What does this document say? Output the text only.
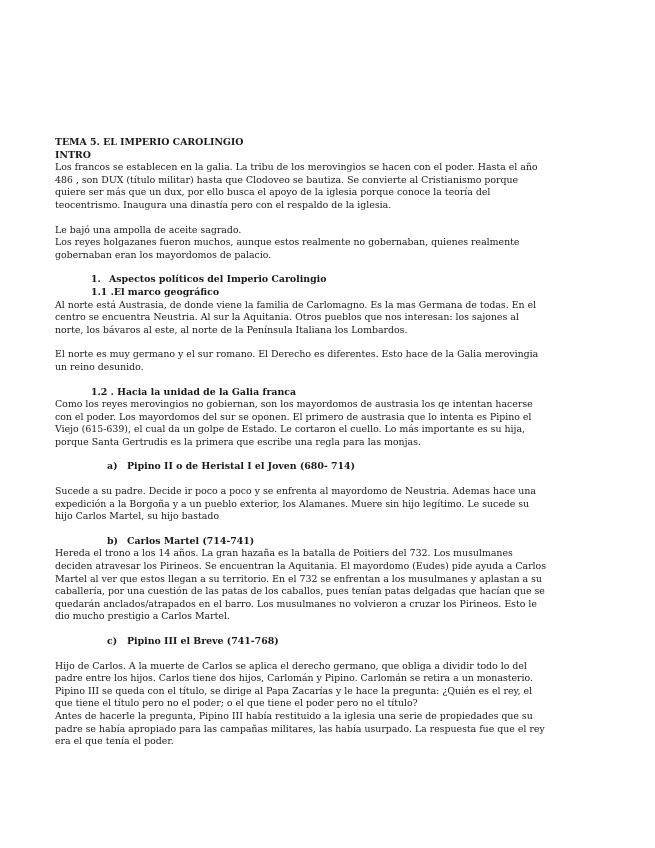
TEMA 5. EL IMPERIO CAROLINGIO

INTRO

Los francos se establecen en la galia. La tribu de los merovingios se hacen con el poder. Hasta el año 486 , son DUX (título militar) hasta que Clodoveo se bautiza. Se convierte al Cristianismo porque quiere ser más que un dux, por ello busca el apoyo de la iglesia porque conoce la teoría del teocentrismo. Inaugura una dinastía pero con el respaldo de la iglesia.

Le bajó una ampolla de aceite sagrado.

Los reyes holgazanes fueron muchos, aunque estos realmente no gobernaban, quienes realmente gobernaban eran los mayordomos de palacio.

1. Aspectos políticos del Imperio Carolingio

1.1 .El marco geográfico

Al norte está Austrasia, de donde viene la familia de Carlomagno. Es la mas Germana de todas. En el centro se encuentra Neustria. Al sur la Aquitania. Otros pueblos que nos interesan: los sajones al norte, los bávaros al este, al norte de la Península Italiana los Lombardos.

El norte es muy germano y el sur romano. El Derecho es diferentes. Esto hace de la Galia merovingia un reino desunido.

1.2 . Hacia la unidad de la Galia franca

Como los reyes merovingios no gobiernan, son los mayordomos de austrasia los qe intentan hacerse con el poder. Los mayordomos del sur se oponen. El primero de austrasia que lo intenta es Pipino el Viejo (615-639), el cual da un golpe de Estado. Le cortaron el cuello. Lo más importante es su hija, porque Santa Gertrudis es la primera que escribe una regla para las monjas.

a) Pipino II o de Heristal I el Joven (680- 714)

Sucede a su padre. Decide ir poco a poco y se enfrenta al mayordomo de Neustria. Ademas hace una expedición a la Borgoña y a un pueblo exterior, los Alamanes. Muere sin hijo legítimo. Le sucede su hijo Carlos Martel, su hijo bastado

b) Carlos Martel (714-741)

Hereda el trono a los 14 años. La gran hazaña es la batalla de Poitiers del 732. Los musulmanes deciden atravesar los Pirineos. Se encuentran la Aquitania. El mayordomo (Eudes) pide ayuda a Carlos Martel al ver que estos llegan a su territorio. En el 732 se enfrentan a los musulmanes y aplastan a su caballería, por una cuestión de las patas de los caballos, pues tenían patas delgadas que hacían que se quedarán anclados/atrapados en el barro. Los musulmanes no volvieron a cruzar los Pirineos. Esto le dio mucho prestigio a Carlos Martel.

c) Pipino III el Breve (741-768)

Hijo de Carlos. A la muerte de Carlos se aplica el derecho germano, que obliga a dividir todo lo del padre entre los hijos. Carlos tiene dos hijos, Carlomán y Pipino. Carlomán se retira a un monasterio. Pipino III se queda con el título, se dirige al Papa Zacarías y le hace la pregunta: ¿Quién es el rey, el que tiene el título pero no el poder; o el que tiene el poder pero no el título?

Antes de hacerle la pregunta, Pipino III había restituido a la iglesia una serie de propiedades que su padre se había apropiado para las campañas militares, las había usurpado. La respuesta fue que el rey era el que tenía el poder.
